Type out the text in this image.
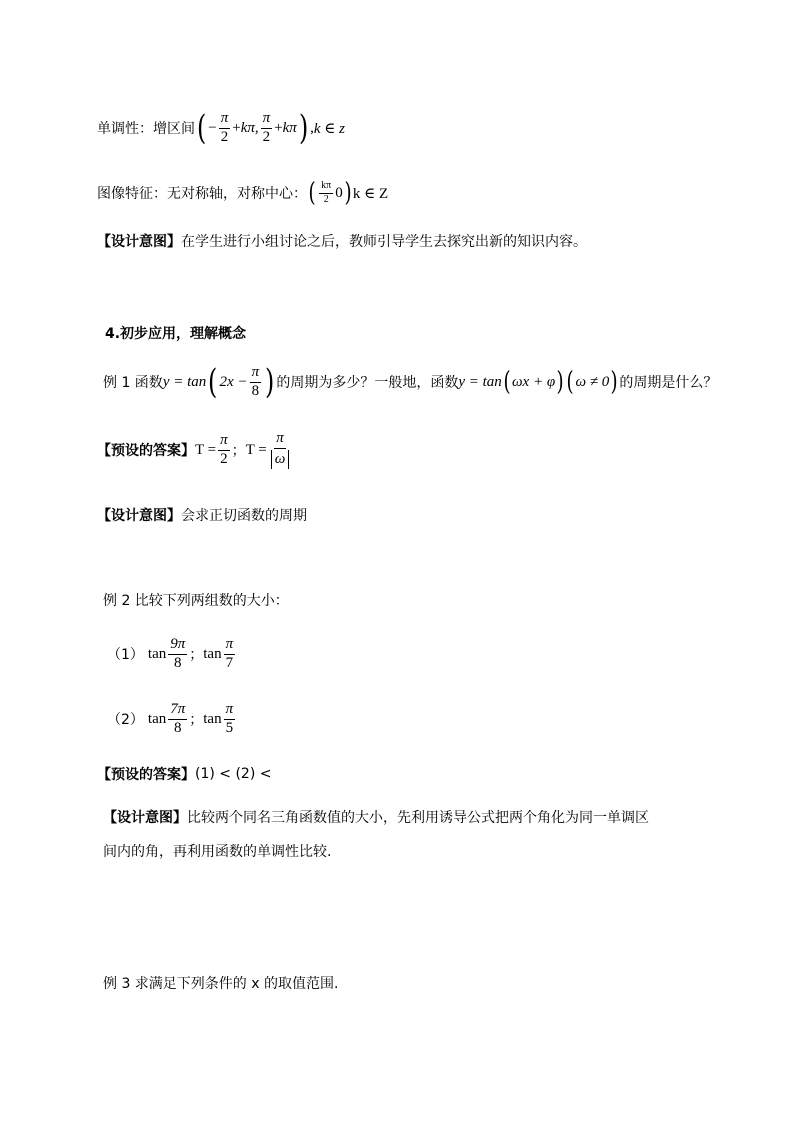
单调性：增区间 ( − $\frac{\pi}{2} + k\pi$ , $\frac{\pi}{2} + k\pi$ ) , k ∈ z
图像特征：无对称轴，对称中心： ( $\frac{k\pi}{2} 0$ ) k ∈ Z
【设计意图】 在学生进行小组讨论之后，教师引导学生去探究出新的知识内容。
4.初步应用，理解概念
例 1 函数 y = tan ( $2x - \frac{\pi}{8}$ ) 的周期为多少？一般地，函数 y = tan ( ωx + φ ) ( ω ≠ 0 ) 的周期是什么？
【预设的答案】 $T = \frac{\pi}{2}$ ； $T = \frac{\pi}{\omega}$
【设计意图】 会求正切函数的周期
例 2 比较下列两组数的大小：
（1） $\tan \frac{9\pi}{8}$ ； $\tan \frac{\pi}{7}$
（2） $\tan \frac{7\pi}{8}$ ； $\tan \frac{\pi}{5}$
【预设的答案】 (1) < (2) <
【设计意图】 比较两个同名三角函数值的大小，先利用诱导公式把两个角化为同一单调区
间内的角，再利用函数的单调性比较.
例 3 求满足下列条件的 x 的取值范围.
